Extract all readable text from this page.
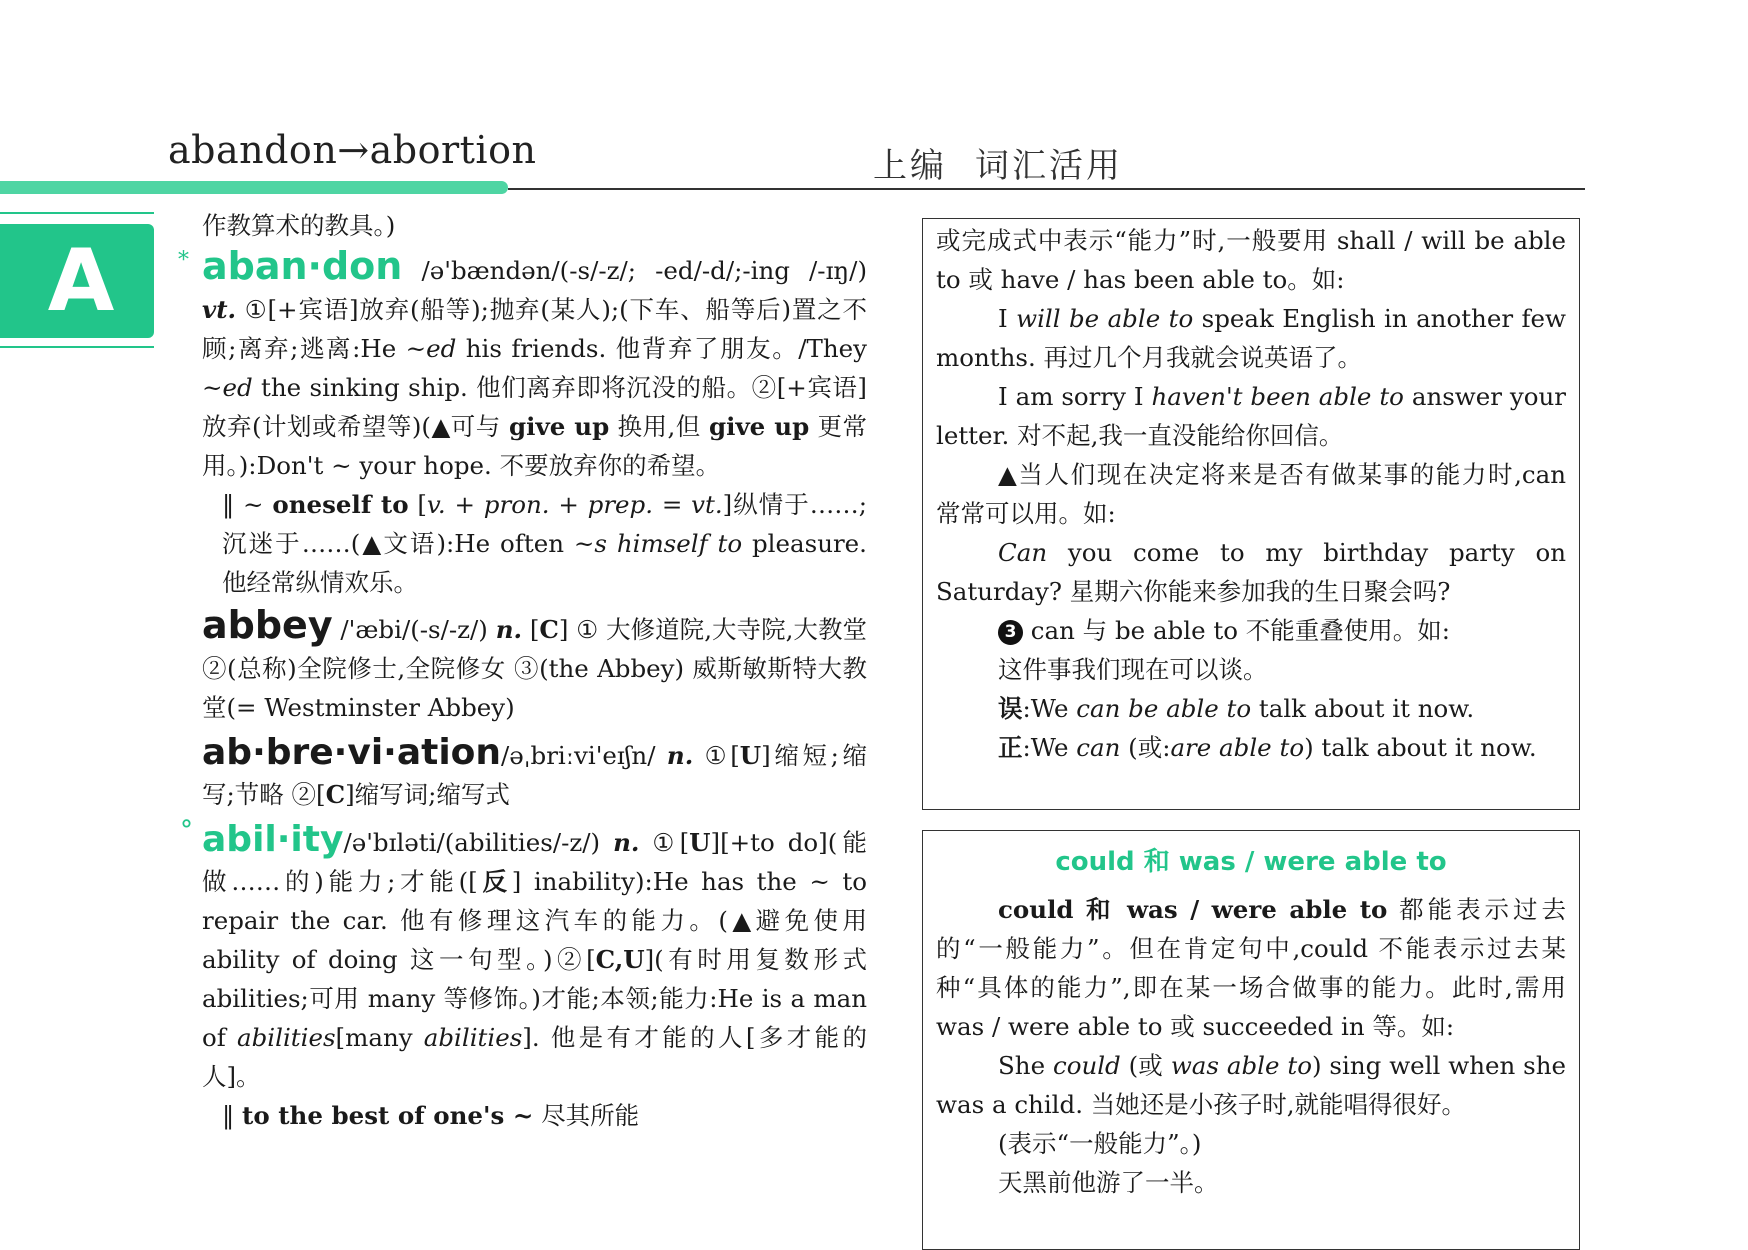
abandon→abortion	上编 词汇活用
A

作教算术的教具。)

* aban·don /ə'bændən/(-s/-z/; -ed/-d/;-ing /-ɪŋ/) vt. ①[+宾语]放弃(船等);抛弃(某人);(下车、船等后)置之不顾;离弃;逃离:He ~ed his friends. 他背弃了朋友。/They ~ed the sinking ship. 他们离弃即将沉没的船。②[+宾语]放弃(计划或希望等)(▲可与 give up 换用,但 give up 更常用。):Don't ~ your hope. 不要放弃你的希望。

‖ ~ oneself to [v. + pron. + prep. = vt.]纵情于……;沉迷于……(▲文语):He often ~s himself to pleasure. 他经常纵情欢乐。

abbey /'æbi/(-s/-z/) n. [C] ① 大修道院,大寺院,大教堂 ②(总称)全院修士,全院修女 ③(the Abbey) 威斯敏斯特大教堂(= Westminster Abbey)

ab·bre·vi·ation/əˌbriːvi'eɪʃn/ n. ①[U]缩短;缩写;节略 ②[C]缩写词;缩写式

° abil·ity/ə'bɪləti/(abilities/-z/) n. ①[U][+to do](能做……的)能力;才能([反] inability):He has the ~ to repair the car. 他有修理这汽车的能力。(▲避免使用 ability of doing 这一句型。)②[C,U](有时用复数形式 abilities;可用 many 等修饰。)才能;本领;能力:He is a man of abilities[many abilities]. 他是有才能的人[多才能的人]。

‖ to the best of one's ~ 尽其所能

或完成式中表示“能力”时,一般要用 shall / will be able to 或 have / has been able to。如:

I will be able to speak English in another few months. 再过几个月我就会说英语了。

I am sorry I haven't been able to answer your letter. 对不起,我一直没能给你回信。

▲当人们现在决定将来是否有做某事的能力时,can 常常可以用。如:

Can you come to my birthday party on Saturday? 星期六你能来参加我的生日聚会吗?

3 can 与 be able to 不能重叠使用。如:

这件事我们现在可以谈。

误:We can be able to talk about it now.

正:We can (或:are able to) talk about it now.

could 和 was / were able to

could 和 was / were able to 都能表示过去的“一般能力”。但在肯定句中,could 不能表示过去某种“具体的能力”,即在某一场合做事的能力。此时,需用 was / were able to 或 succeeded in 等。如:

She could (或 was able to) sing well when she was a child. 当她还是小孩子时,就能唱得很好。

(表示“一般能力”。)

天黑前他游了一半。
